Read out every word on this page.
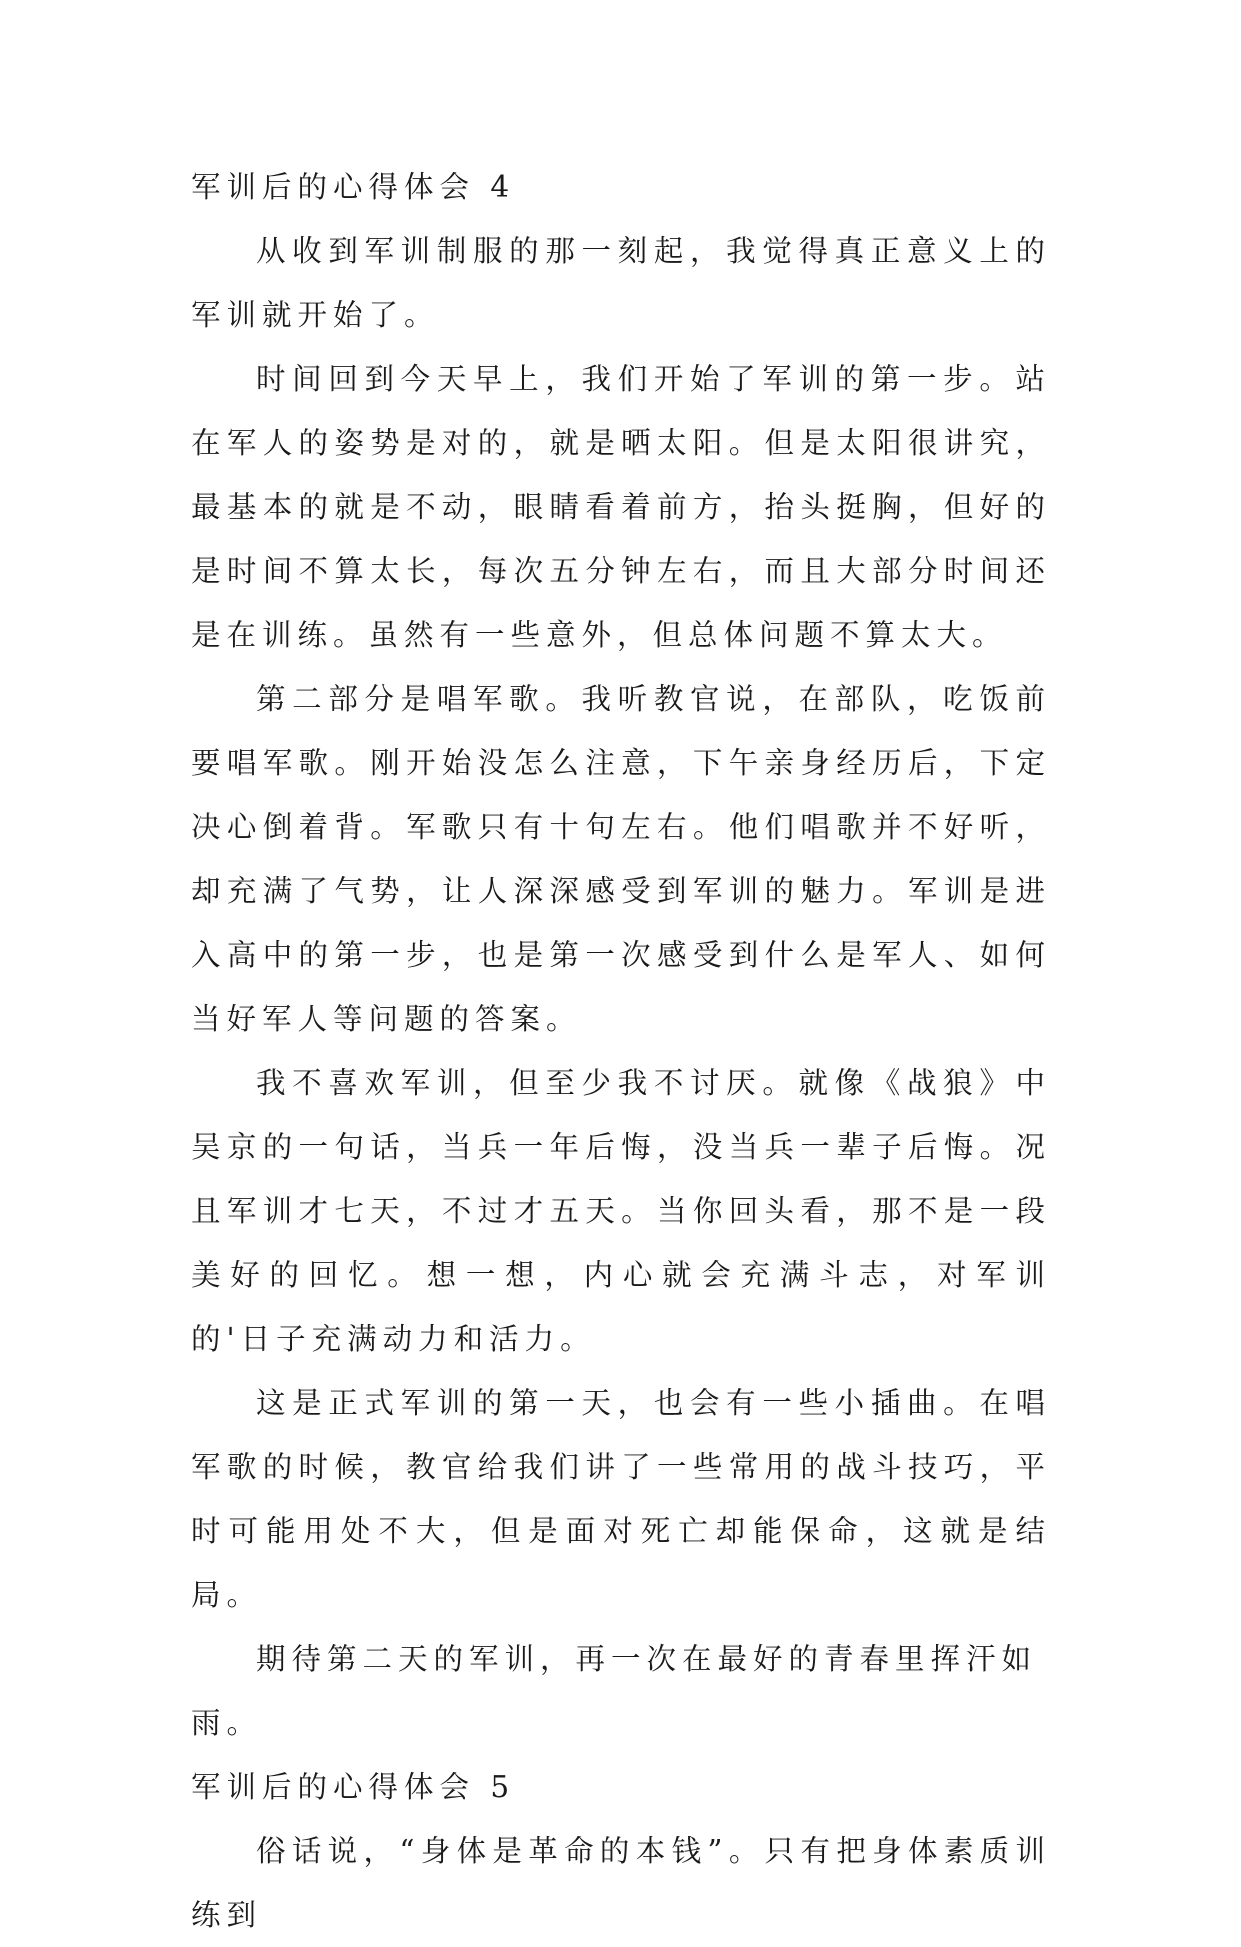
军训后的心得体会 4

从收到军训制服的那一刻起，我觉得真正意义上的军训就开始了。

时间回到今天早上，我们开始了军训的第一步。站在军人的姿势是对的，就是晒太阳。但是太阳很讲究，最基本的就是不动，眼睛看着前方，抬头挺胸，但好的是时间不算太长，每次五分钟左右，而且大部分时间还是在训练。虽然有一些意外，但总体问题不算太大。

第二部分是唱军歌。我听教官说，在部队，吃饭前要唱军歌。刚开始没怎么注意，下午亲身经历后，下定决心倒着背。军歌只有十句左右。他们唱歌并不好听，却充满了气势，让人深深感受到军训的魅力。军训是进入高中的第一步，也是第一次感受到什么是军人、如何当好军人等问题的答案。

我不喜欢军训，但至少我不讨厌。就像《战狼》中吴京的一句话，当兵一年后悔，没当兵一辈子后悔。况且军训才七天，不过才五天。当你回头看，那不是一段美好的回忆。想一想，内心就会充满斗志，对军训的'日子充满动力和活力。

这是正式军训的第一天，也会有一些小插曲。在唱军歌的时候，教官给我们讲了一些常用的战斗技巧，平时可能用处不大，但是面对死亡却能保命，这就是结局。

期待第二天的军训，再一次在最好的青春里挥汗如雨。

军训后的心得体会 5

俗话说，“身体是革命的本钱”。只有把身体素质训练到
